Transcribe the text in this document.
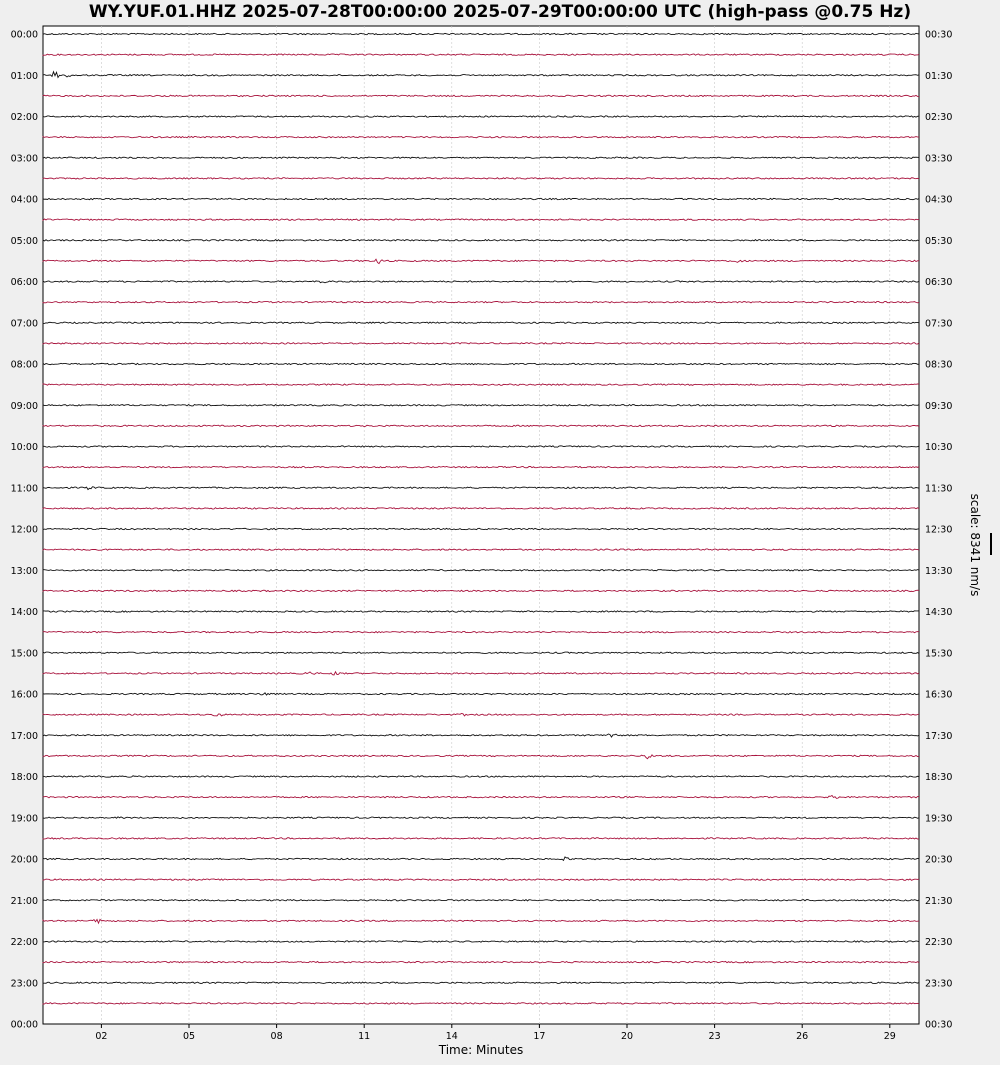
WY.YUF.01.HHZ 2025-07-28T00:00:00 2025-07-29T00:00:00 UTC (high-pass @0.75 Hz)
02	05	08	11	14	17	20	23	26	29
00:00	00:30
01:00	01:30
02:00	02:30
03:00	03:30
04:00	04:30
05:00	05:30
06:00	06:30
07:00	07:30
08:00	08:30
09:00	09:30
10:00	10:30
11:00	11:30
12:00	12:30
13:00	13:30
14:00	14:30
15:00	15:30
16:00	16:30
17:00	17:30
18:00	18:30
19:00	19:30
20:00	20:30
21:00	21:30
22:00	22:30
23:00	23:30
00:00	00:30
Time: Minutes
scale: 8341 nm/s
